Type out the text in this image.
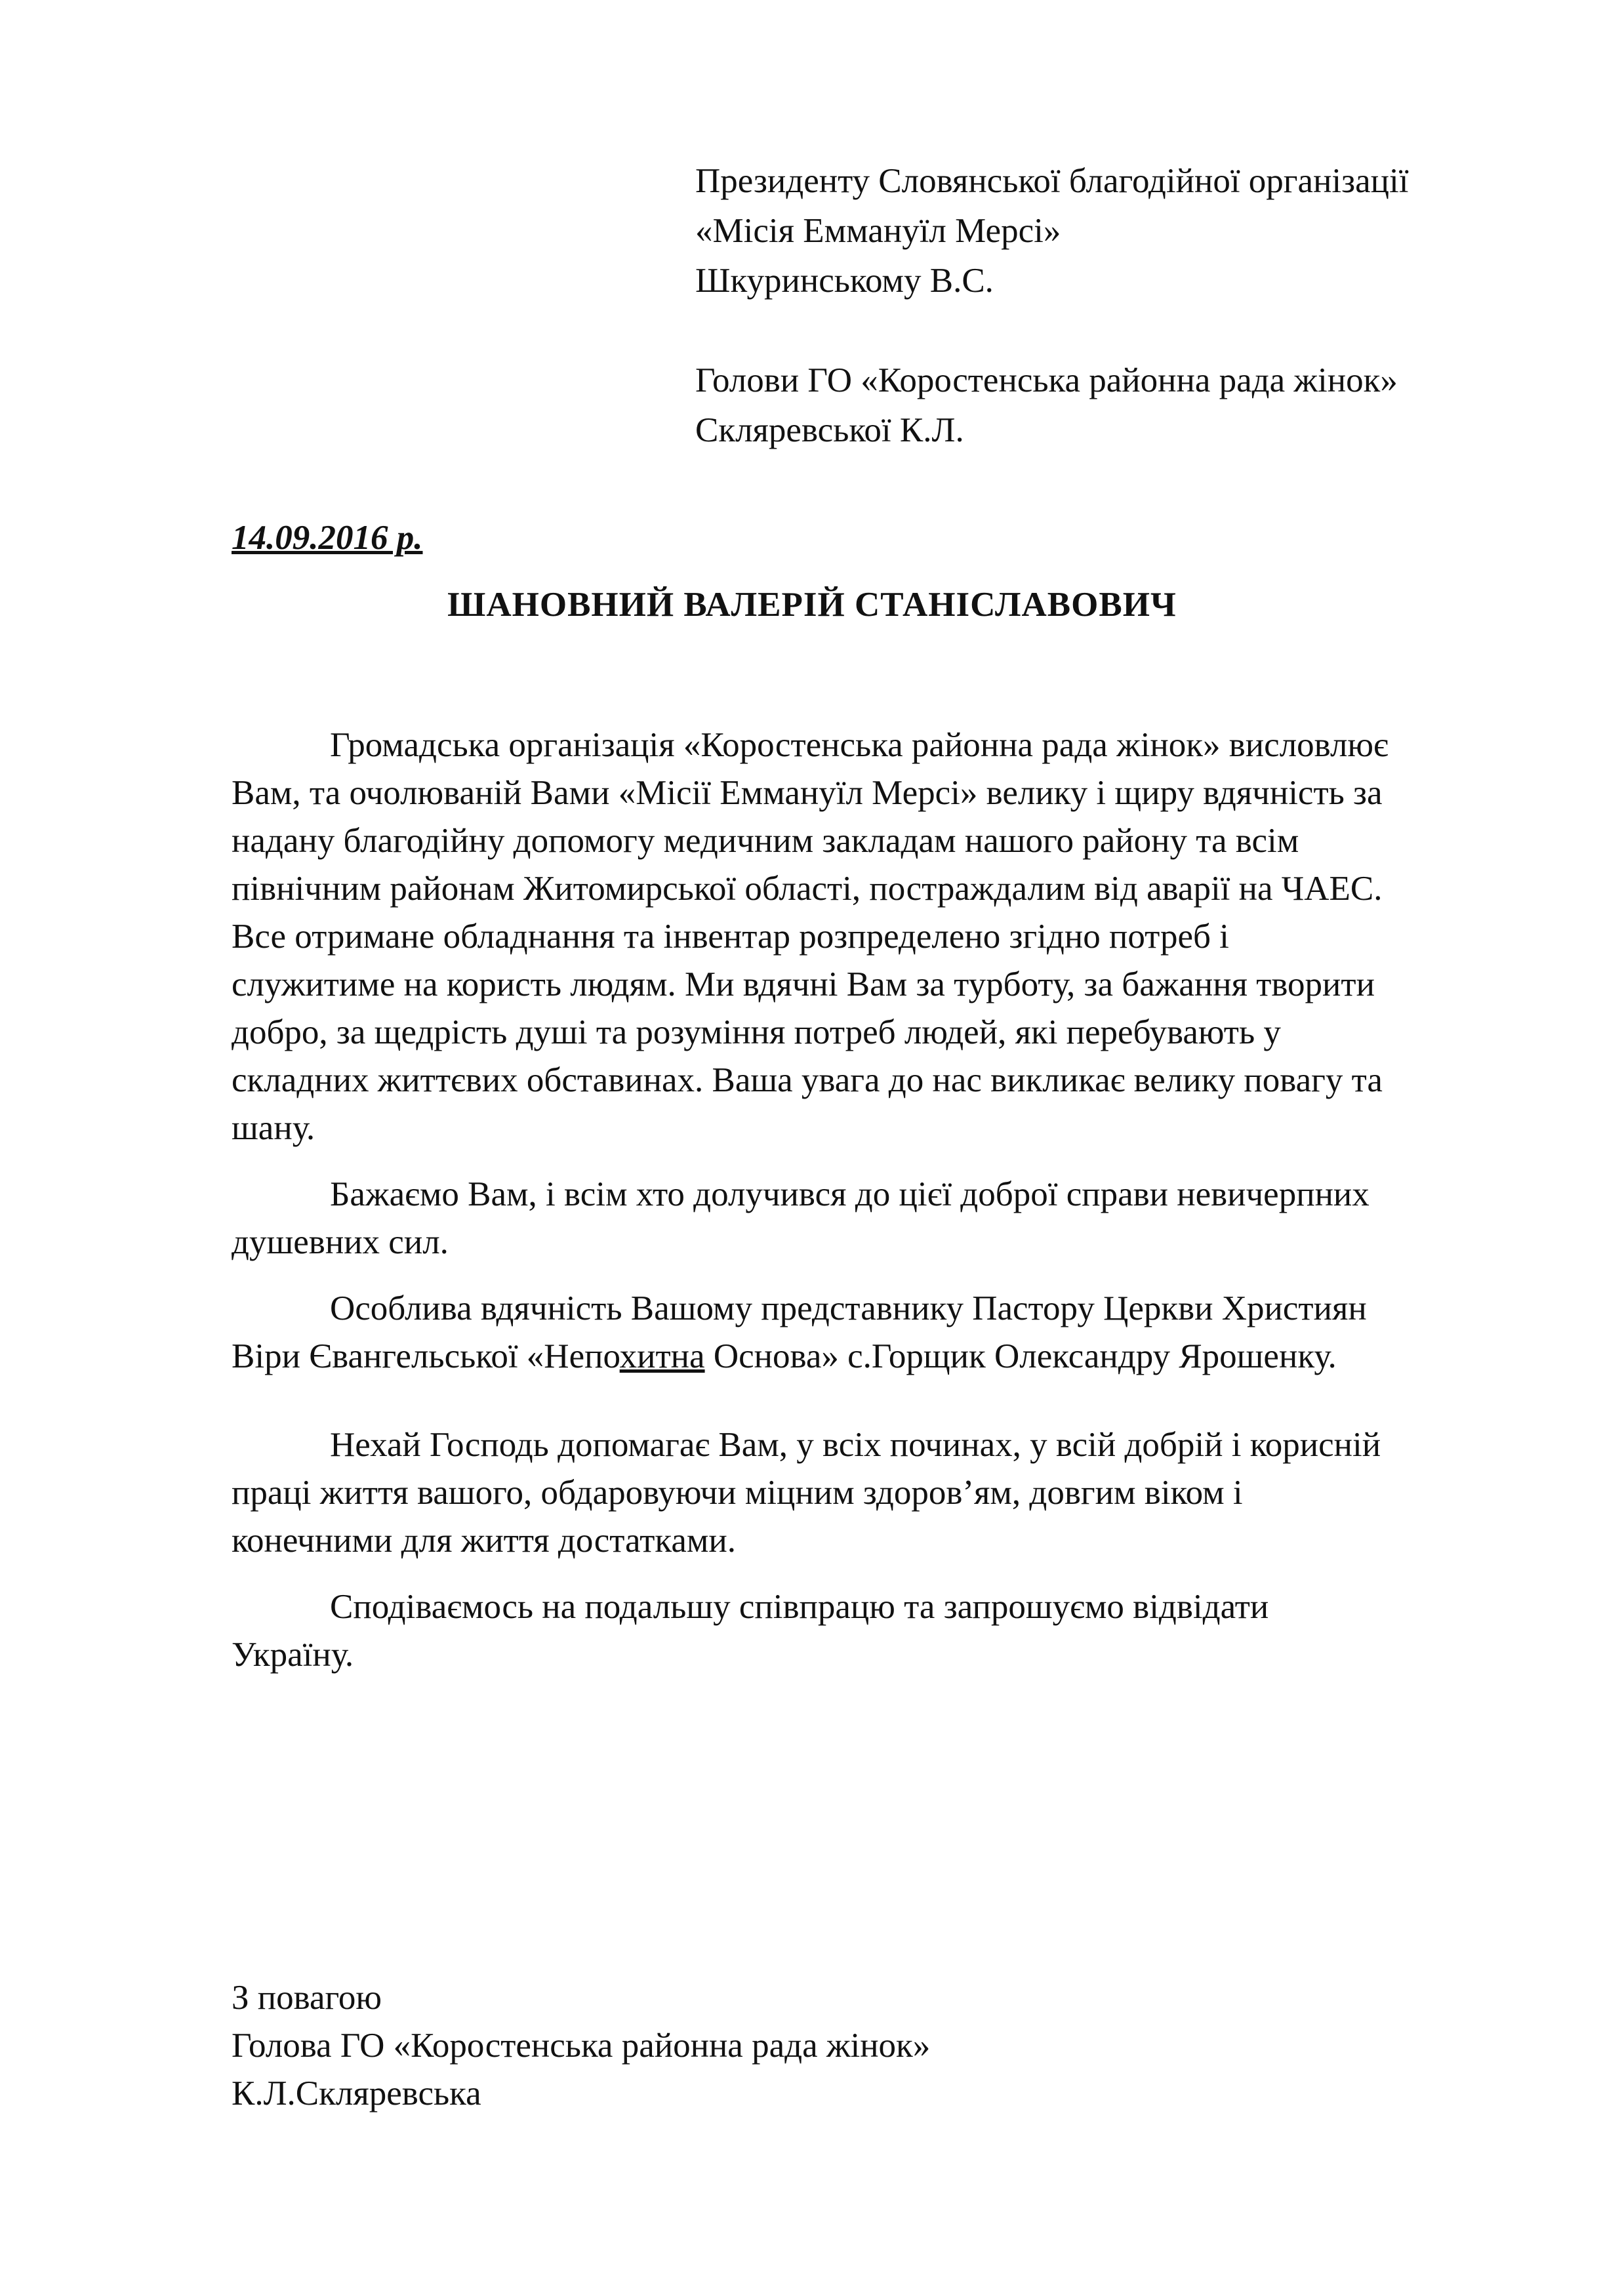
Президенту Словянської благодійної організації
«Місія Еммануїл Мерсі»
Шкуринському В.С.
Голови ГО «Коростенська районна рада жінок»
Скляревської К.Л.
14.09.2016 р.
ШАНОВНИЙ ВАЛЕРІЙ СТАНІСЛАВОВИЧ
Громадська організація «Коростенська районна рада жінок» висловлює
Вам, та очолюваній Вами «Місії Еммануїл Мерсі» велику і щиру вдячність за
надану благодійну допомогу медичним закладам нашого району та всім
північним районам Житомирської області, постраждалим від аварії на ЧАЕС.
Все отримане обладнання та інвентар розпределено згідно потреб і
служитиме на користь людям. Ми вдячні Вам за турботу, за бажання творити
добро, за щедрість душі та розуміння потреб людей, які перебувають у
складних життєвих обставинах. Ваша увага до нас викликає велику повагу та
шану.
Бажаємо Вам, і всім хто долучився до цієї доброї справи невичерпних
душевних сил.
Особлива вдячність Вашому представнику Пастору Церкви Християн
Віри Євангельської «Непохитна Основа» с.Горщик Олександру Ярошенку.
Нехай Господь допомагає Вам, у всіх починах, у всій добрій і корисній
праці життя вашого, обдаровуючи міцним здоров’ям, довгим віком і
конечними для життя достатками.
Сподіваємось на подальшу співпрацю та запрошуємо відвідати
Україну.
З повагою
Голова ГО «Коростенська районна рада жінок»
К.Л.Скляревська
